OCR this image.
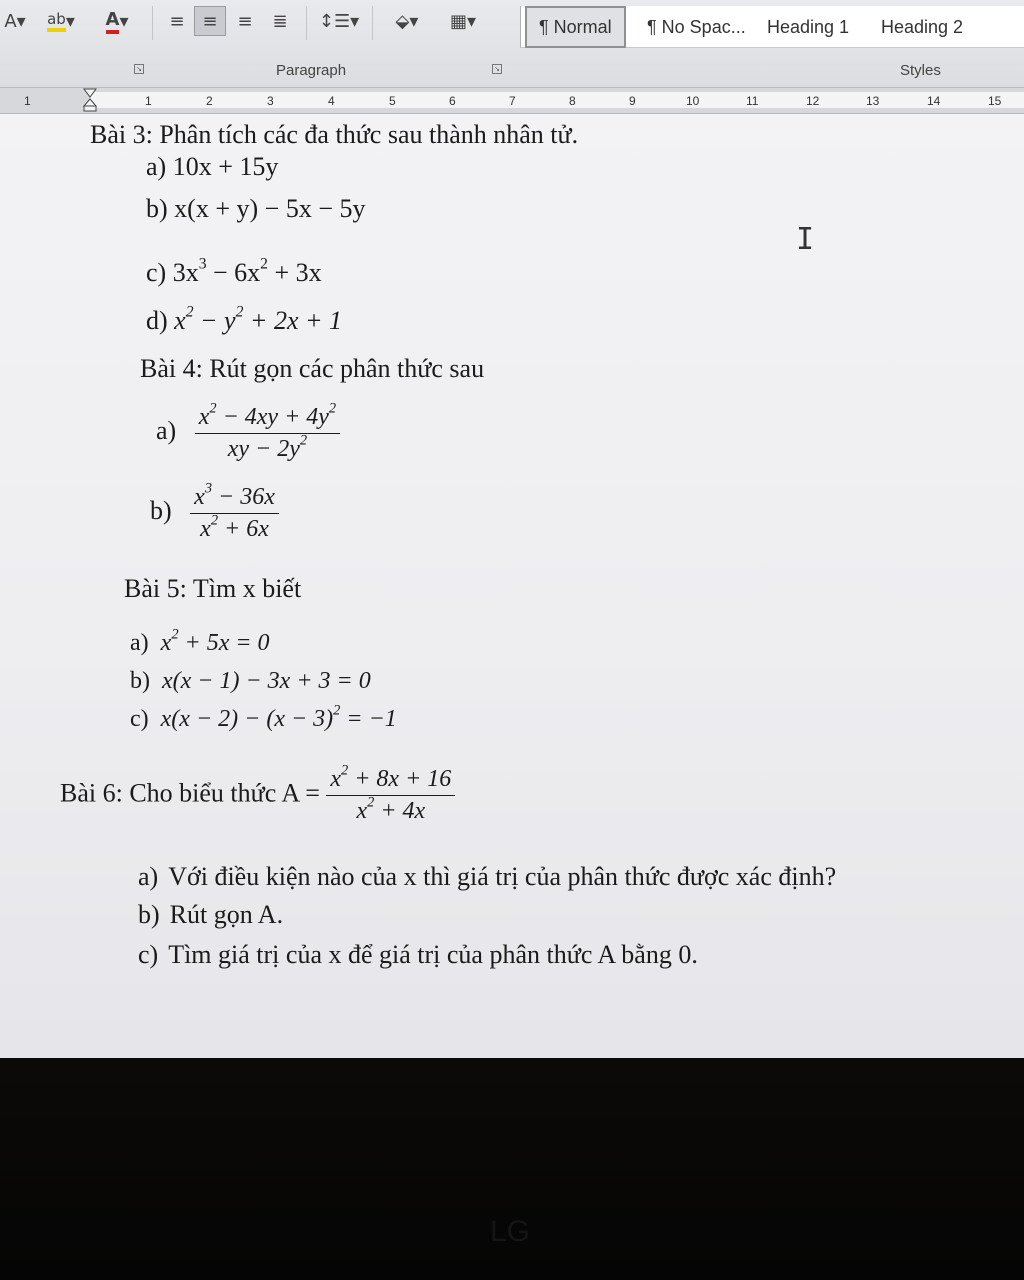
A▾ ab ▾	A ▾	≡ ≡	≡	≣	↕☰▾	⬙▾	▦▾
↘	Paragraph	↘
¶ Normal	¶ No Spac... Heading 1 Heading 2
Styles
1	1	2	3	4	5	6	7	8	9	10	11	12	13	14	15
Bài 3: Phân tích các đa thức sau thành nhân tử.
a) 10x + 15y
b) x(x + y) − 5x − 5y
c) $3x^3 - 6x^2 + 3x$
d) $x^2 - y^2 + 2x + 1$
Bài 4: Rút gọn các phân thức sau
$a) \frac{x^2 - 4xy + 4y^2}{xy - 2y^2}$
$b) \frac{x^3 - 36x}{x^2 + 6x}$
Bài 5: Tìm x biết
a) $x^2 + 5x = 0$
b) x(x − 1) − 3x + 3 = 0
c) $x(x - 2) - (x - 3)^2 = -1$
Bài 6: Cho biểu thức $A = \frac{x^2 + 8x + 16}{x^2 + 4x}$
a) Với điều kiện nào của x thì giá trị của phân thức được xác định?
b) Rút gọn A.
c) Tìm giá trị của x để giá trị của phân thức A bằng 0.
I
LG
